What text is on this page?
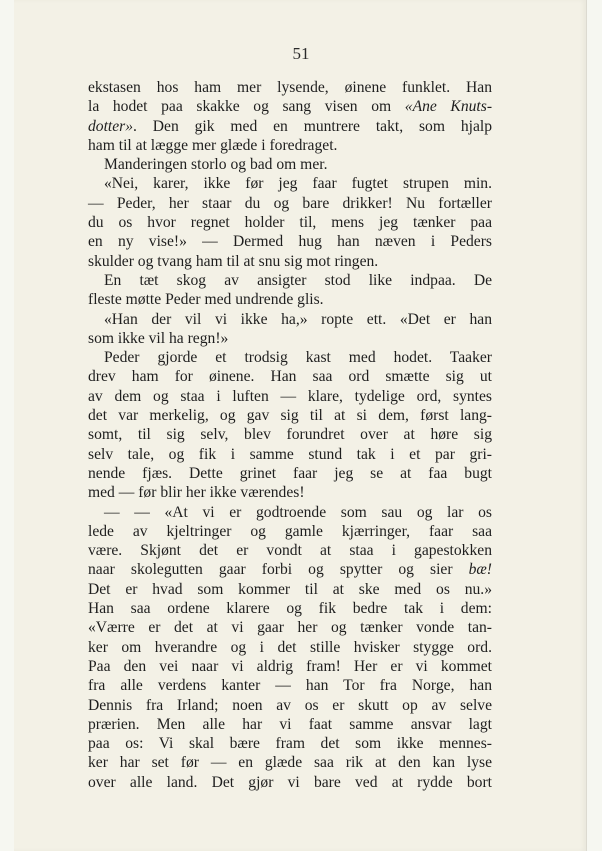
51
ekstasen hos ham mer lysende, øinene funklet. Han
la hodet paa skakke og sang visen om «Ane Knuts-
dotter». Den gik med en muntrere takt, som hjalp
ham til at lægge mer glæde i foredraget.
Manderingen storlo og bad om mer.
«Nei, karer, ikke før jeg faar fugtet strupen min.
— Peder, her staar du og bare drikker! Nu fortæller
du os hvor regnet holder til, mens jeg tænker paa
en ny vise!» — Dermed hug han næven i Peders
skulder og tvang ham til at snu sig mot ringen.
En tæt skog av ansigter stod like indpaa. De
fleste møtte Peder med undrende glis.
«Han der vil vi ikke ha,» ropte ett. «Det er han
som ikke vil ha regn!»
Peder gjorde et trodsig kast med hodet. Taaker
drev ham for øinene. Han saa ord smætte sig ut
av dem og staa i luften — klare, tydelige ord, syntes
det var merkelig, og gav sig til at si dem, først lang-
somt, til sig selv, blev forundret over at høre sig
selv tale, og fik i samme stund tak i et par gri-
nende fjæs. Dette grinet faar jeg se at faa bugt
med — før blir her ikke værendes!
— — «At vi er godtroende som sau og lar os
lede av kjeltringer og gamle kjærringer, faar saa
være. Skjønt det er vondt at staa i gapestokken
naar skolegutten gaar forbi og spytter og sier bæ!
Det er hvad som kommer til at ske med os nu.»
Han saa ordene klarere og fik bedre tak i dem:
«Værre er det at vi gaar her og tænker vonde tan-
ker om hverandre og i det stille hvisker stygge ord.
Paa den vei naar vi aldrig fram! Her er vi kommet
fra alle verdens kanter — han Tor fra Norge, han
Dennis fra Irland; noen av os er skutt op av selve
prærien. Men alle har vi faat samme ansvar lagt
paa os: Vi skal bære fram det som ikke mennes-
ker har set før — en glæde saa rik at den kan lyse
over alle land. Det gjør vi bare ved at rydde bort
